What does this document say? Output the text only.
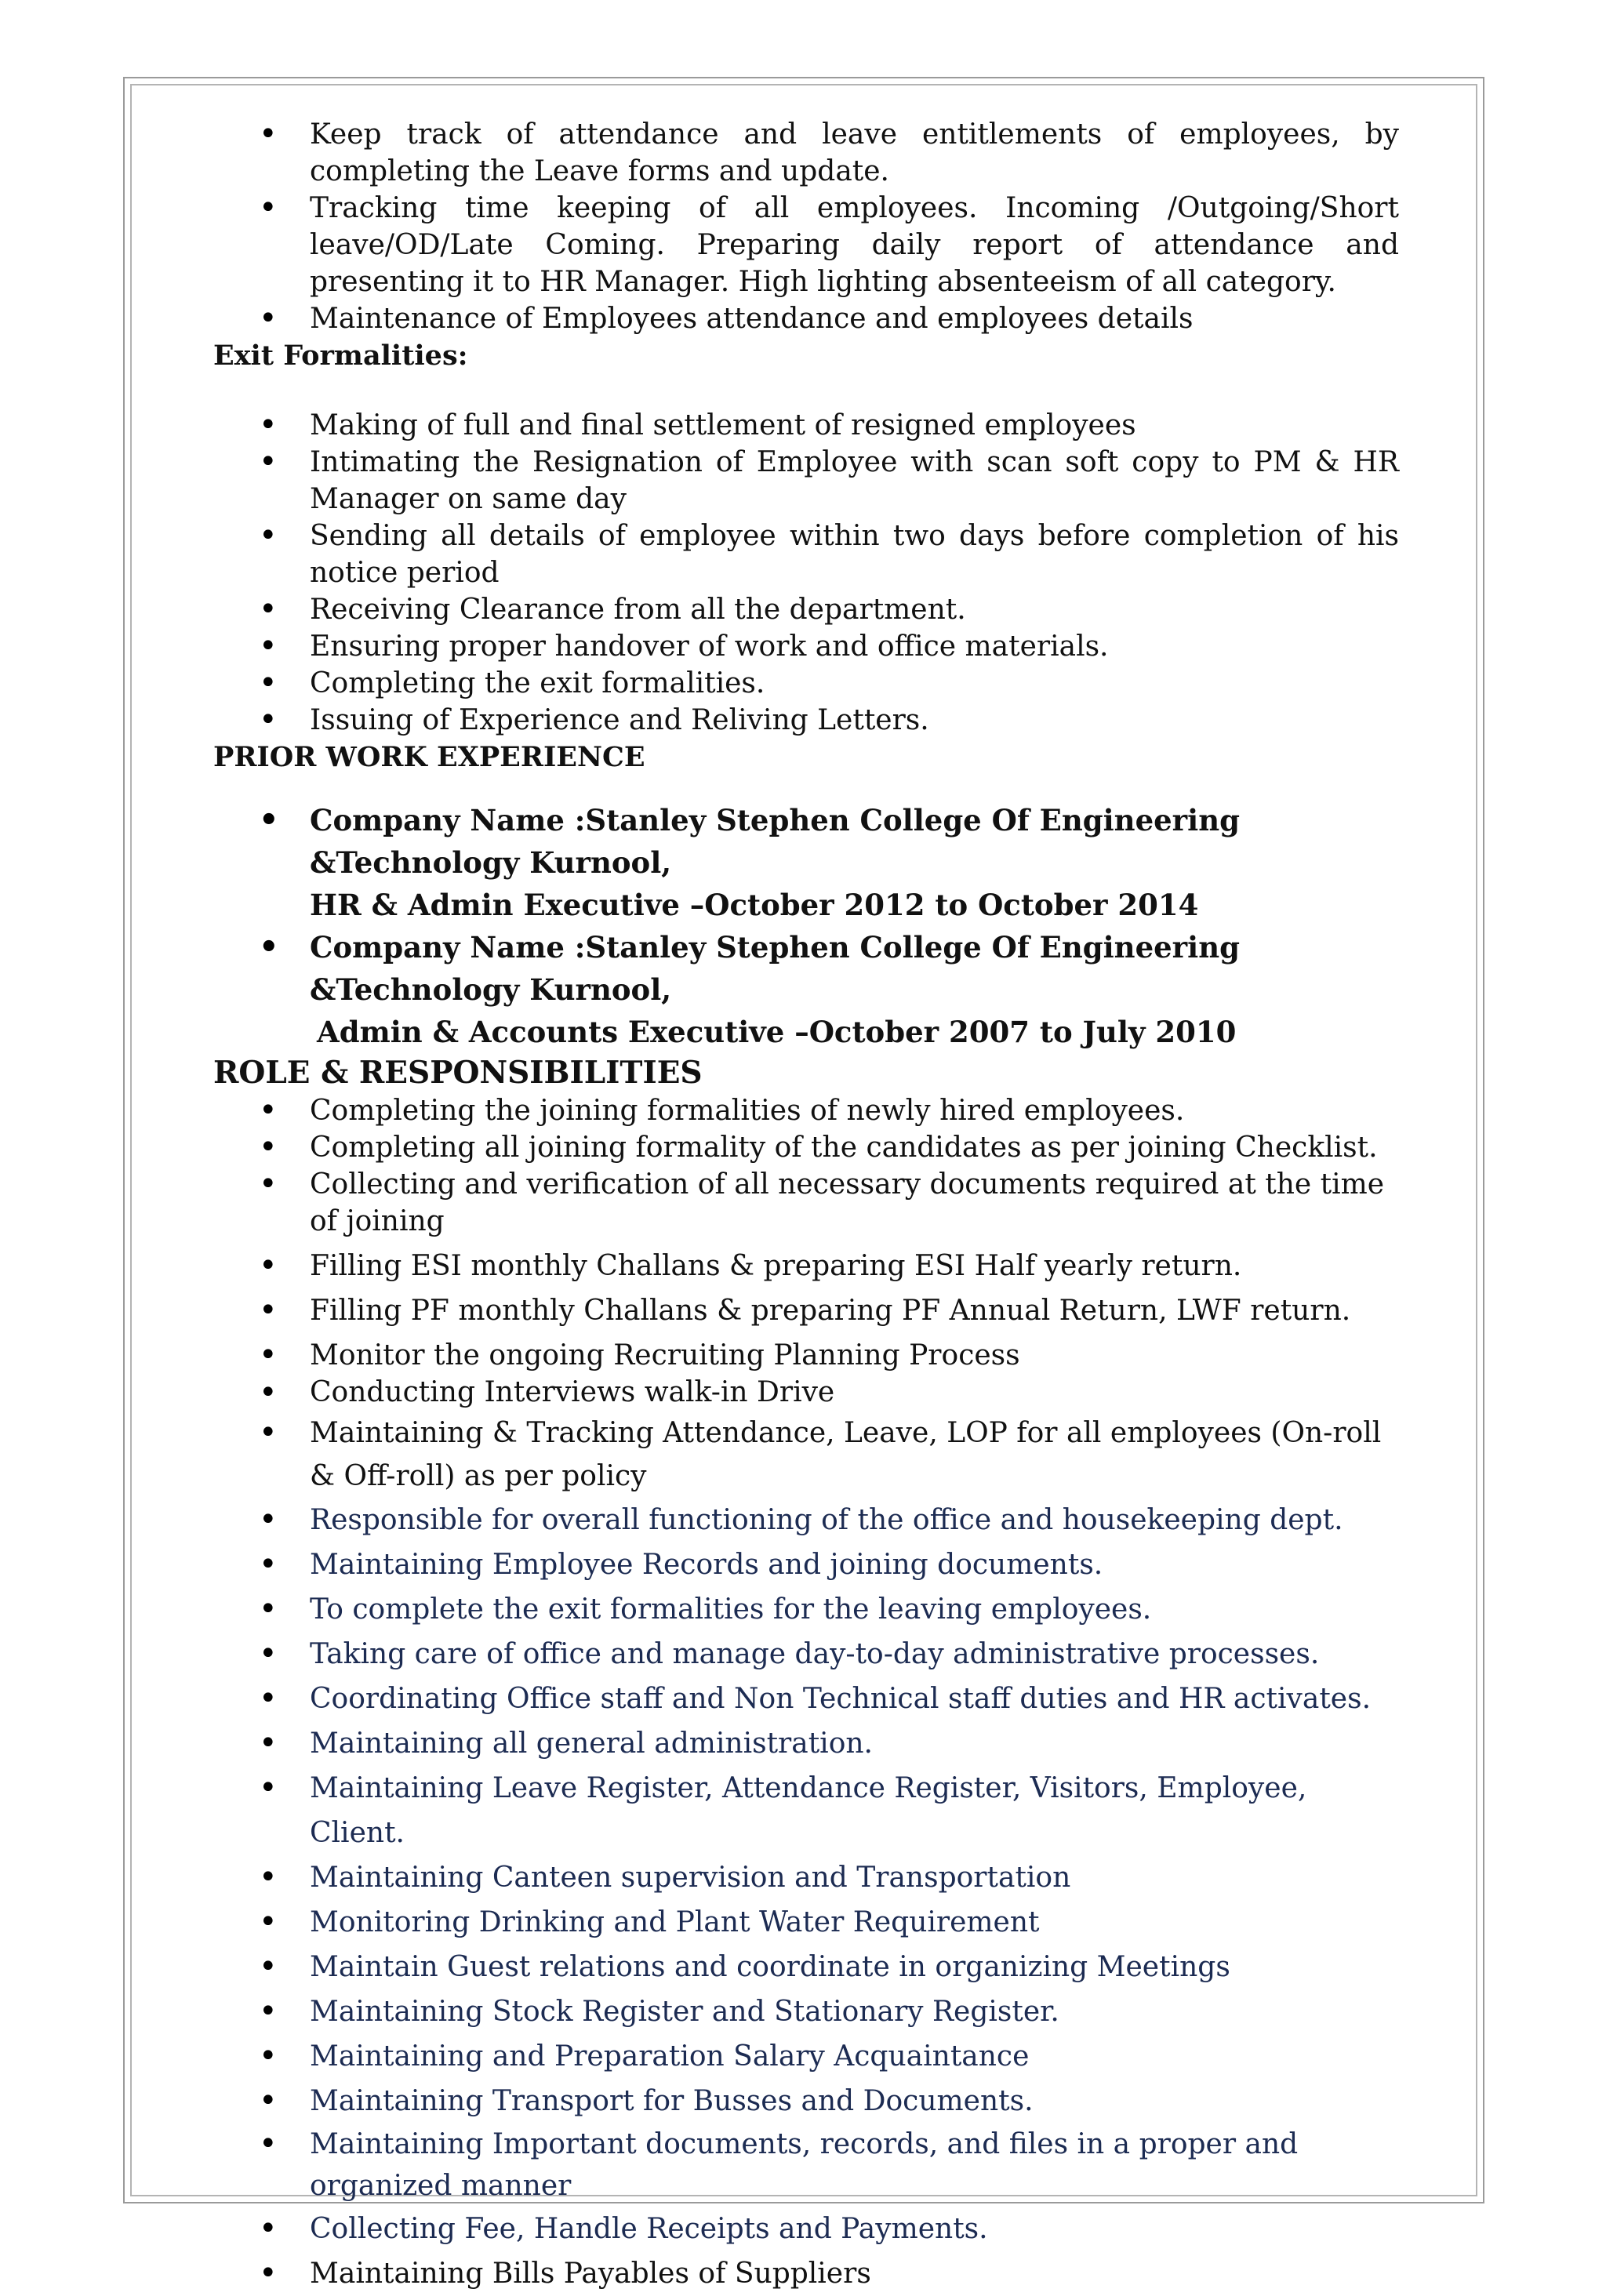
• Keep track of attendance and leave entitlements of employees, by completing the Leave forms and update.
• Tracking time keeping of all employees. Incoming /Outgoing/Short leave/OD/Late Coming. Preparing daily report of attendance and presenting it to HR Manager. High lighting absenteeism of all category.
• Maintenance of Employees attendance and employees details
Exit Formalities:
• Making of full and final settlement of resigned employees
• Intimating the Resignation of Employee with scan soft copy to PM & HR Manager on same day
• Sending all details of employee within two days before completion of his notice period
• Receiving Clearance from all the department.
• Ensuring proper handover of work and office materials.
• Completing the exit formalities.
• Issuing of Experience and Reliving Letters.
PRIOR WORK EXPERIENCE
• Company Name :Stanley Stephen College Of Engineering &Technology Kurnool,
HR & Admin Executive –October 2012 to October 2014
• Company Name :Stanley Stephen College Of Engineering &Technology Kurnool,
Admin & Accounts Executive –October 2007 to July 2010
ROLE & RESPONSIBILITIES
• Completing the joining formalities of newly hired employees.
• Completing all joining formality of the candidates as per joining Checklist.
• Collecting and verification of all necessary documents required at the time of joining
• Filling ESI monthly Challans & preparing ESI Half yearly return.
• Filling PF monthly Challans & preparing PF Annual Return, LWF return.
• Monitor the ongoing Recruiting Planning Process
• Conducting Interviews walk-in Drive
• Maintaining & Tracking Attendance, Leave, LOP for all employees (On-roll & Off-roll) as per policy
• Responsible for overall functioning of the office and housekeeping dept.
• Maintaining Employee Records and joining documents.
• To complete the exit formalities for the leaving employees.
• Taking care of office and manage day-to-day administrative processes.
• Coordinating Office staff and Non Technical staff duties and HR activates.
• Maintaining all general administration.
• Maintaining Leave Register, Attendance Register, Visitors, Employee, Client.
• Maintaining Canteen supervision and Transportation
• Monitoring Drinking and Plant Water Requirement
• Maintain Guest relations and coordinate in organizing Meetings
• Maintaining Stock Register and Stationary Register.
• Maintaining and Preparation Salary Acquaintance
• Maintaining Transport for Busses and Documents.
• Maintaining Important documents, records, and files in a proper and organized manner
• Collecting Fee, Handle Receipts and Payments.
• Maintaining Bills Payables of Suppliers
